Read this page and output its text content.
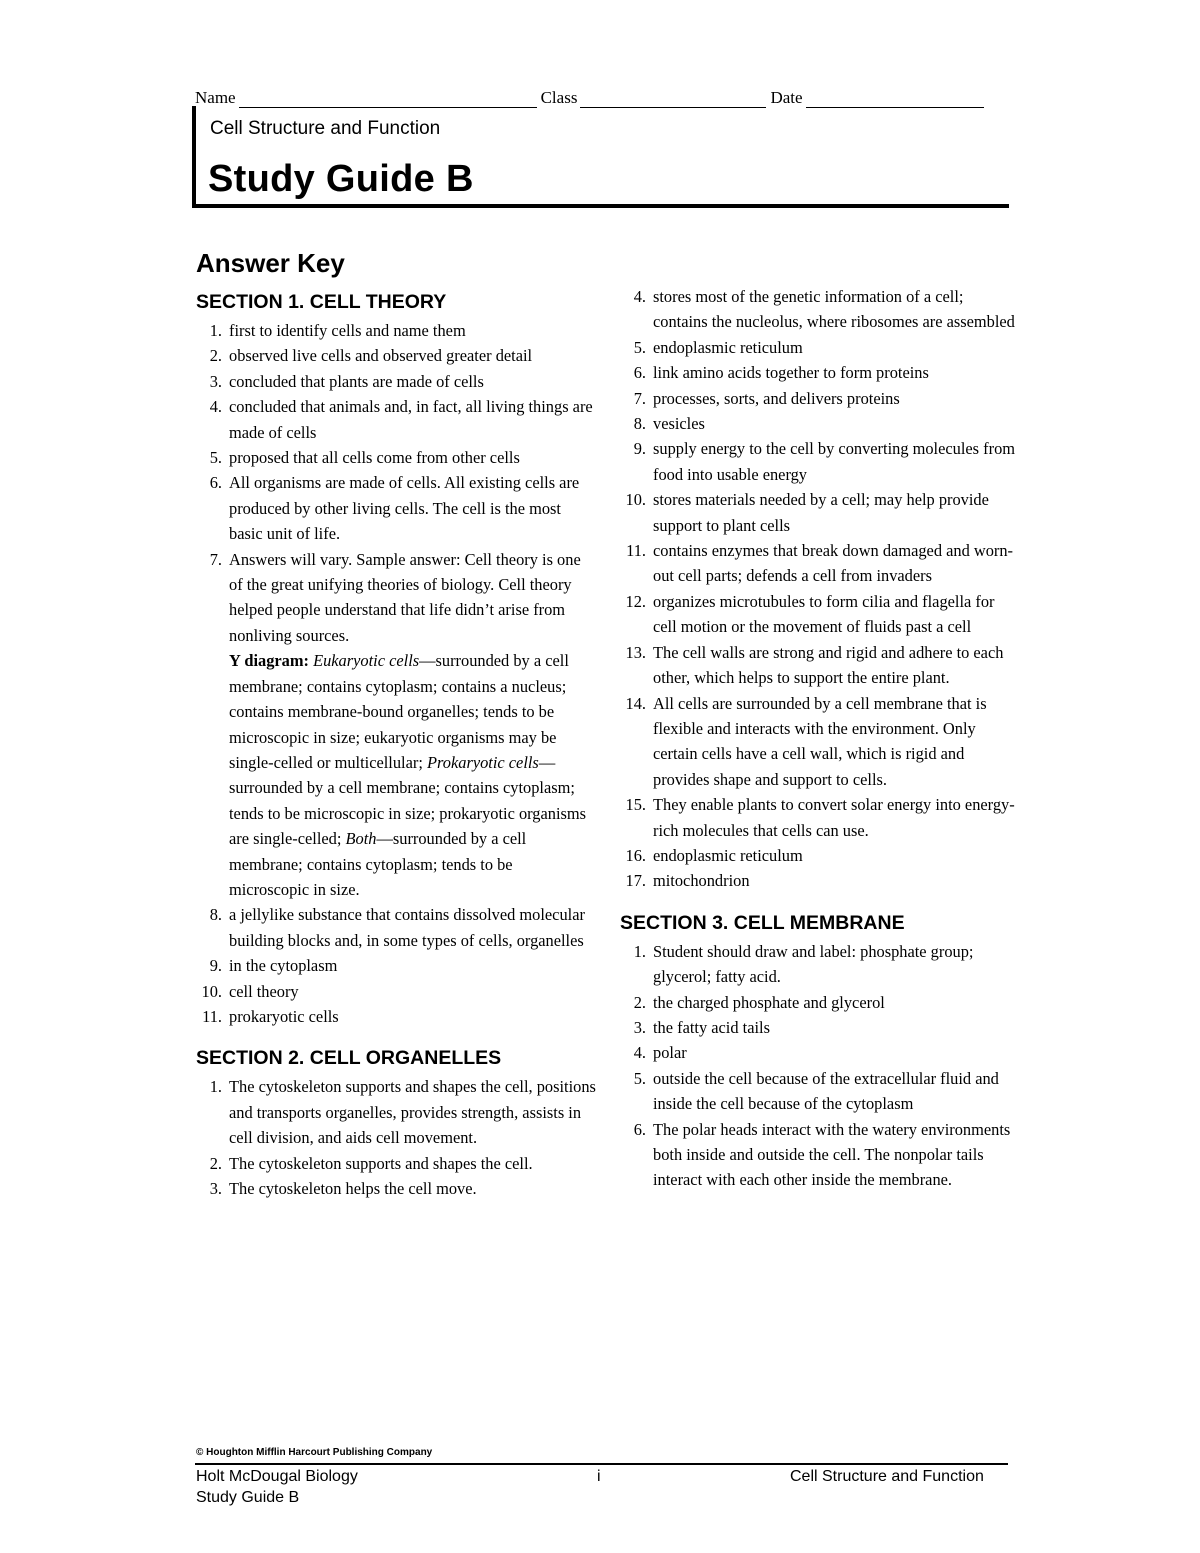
Name	Class	Date
Cell Structure and Function
Study Guide B
Answer Key
SECTION 1. CELL THEORY
1. first to identify cells and name them
2. observed live cells and observed greater detail
3. concluded that plants are made of cells
4. concluded that animals and, in fact, all living things are made of cells
5. proposed that all cells come from other cells
6. All organisms are made of cells. All existing cells are produced by other living cells. The cell is the most basic unit of life.
7. Answers will vary. Sample answer: Cell theory is one of the great unifying theories of biology. Cell theory helped people understand that life didn’t arise from nonliving sources.
Y diagram: Eukaryotic cells—surrounded by a cell membrane; contains cytoplasm; contains a nucleus; contains membrane-bound organelles; tends to be microscopic in size; eukaryotic organisms may be single-celled or multicellular; Prokaryotic cells—surrounded by a cell membrane; contains cytoplasm; tends to be microscopic in size; prokaryotic organisms are single-celled; Both—surrounded by a cell membrane; contains cytoplasm; tends to be microscopic in size.
8. a jellylike substance that contains dissolved molecular building blocks and, in some types of cells, organelles
9. in the cytoplasm
10. cell theory
11. prokaryotic cells
SECTION 2. CELL ORGANELLES
1. The cytoskeleton supports and shapes the cell, positions and transports organelles, provides strength, assists in cell division, and aids cell movement.
2. The cytoskeleton supports and shapes the cell.
3. The cytoskeleton helps the cell move.
4. stores most of the genetic information of a cell; contains the nucleolus, where ribosomes are assembled
5. endoplasmic reticulum
6. link amino acids together to form proteins
7. processes, sorts, and delivers proteins
8. vesicles
9. supply energy to the cell by converting molecules from food into usable energy
10. stores materials needed by a cell; may help provide support to plant cells
11. contains enzymes that break down damaged and worn-out cell parts; defends a cell from invaders
12. organizes microtubules to form cilia and flagella for cell motion or the movement of fluids past a cell
13. The cell walls are strong and rigid and adhere to each other, which helps to support the entire plant.
14. All cells are surrounded by a cell membrane that is flexible and interacts with the environment. Only certain cells have a cell wall, which is rigid and provides shape and support to cells.
15. They enable plants to convert solar energy into energy-rich molecules that cells can use.
16. endoplasmic reticulum
17. mitochondrion
SECTION 3. CELL MEMBRANE
1. Student should draw and label: phosphate group; glycerol; fatty acid.
2. the charged phosphate and glycerol
3. the fatty acid tails
4. polar
5. outside the cell because of the extracellular fluid and inside the cell because of the cytoplasm
6. The polar heads interact with the watery environments both inside and outside the cell. The nonpolar tails interact with each other inside the membrane.
© Houghton Mifflin Harcourt Publishing Company
Holt McDougal Biology	i	Cell Structure and Function
Study Guide B
